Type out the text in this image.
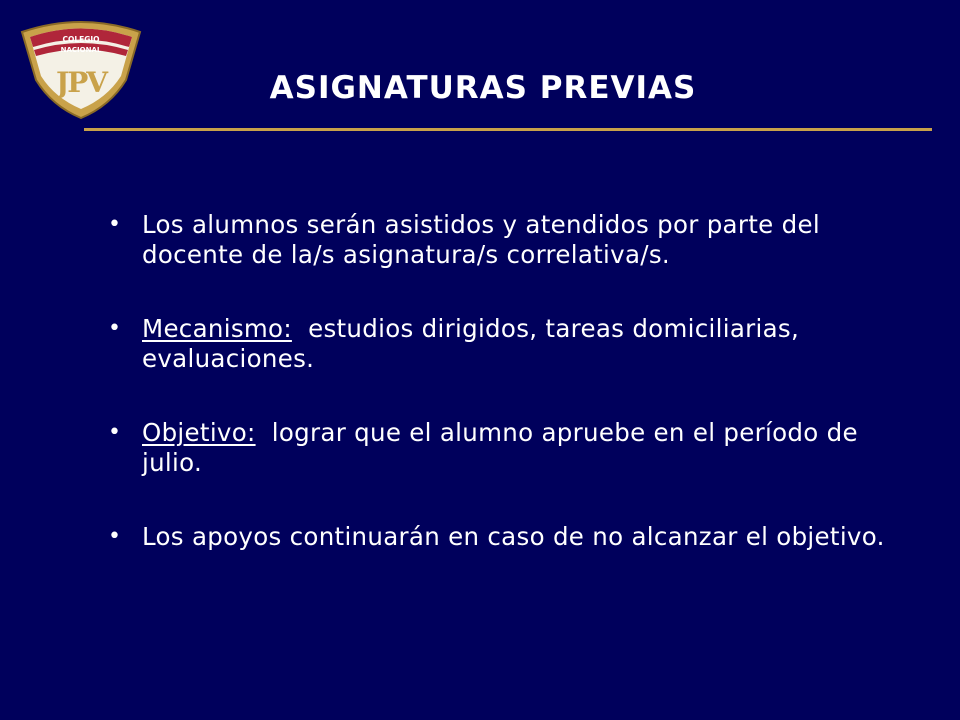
COLEGIO
NACIONAL
JPV	ASIGNATURAS PREVIAS
• Los alumnos serán asistidos y atendidos por parte del docente de la/s asignatura/s correlativa/s.
• Mecanismo:  estudios dirigidos, tareas domiciliarias, evaluaciones.
• Objetivo:  lograr que el alumno apruebe en el período de julio.
• Los apoyos continuarán en caso de no alcanzar el objetivo.
